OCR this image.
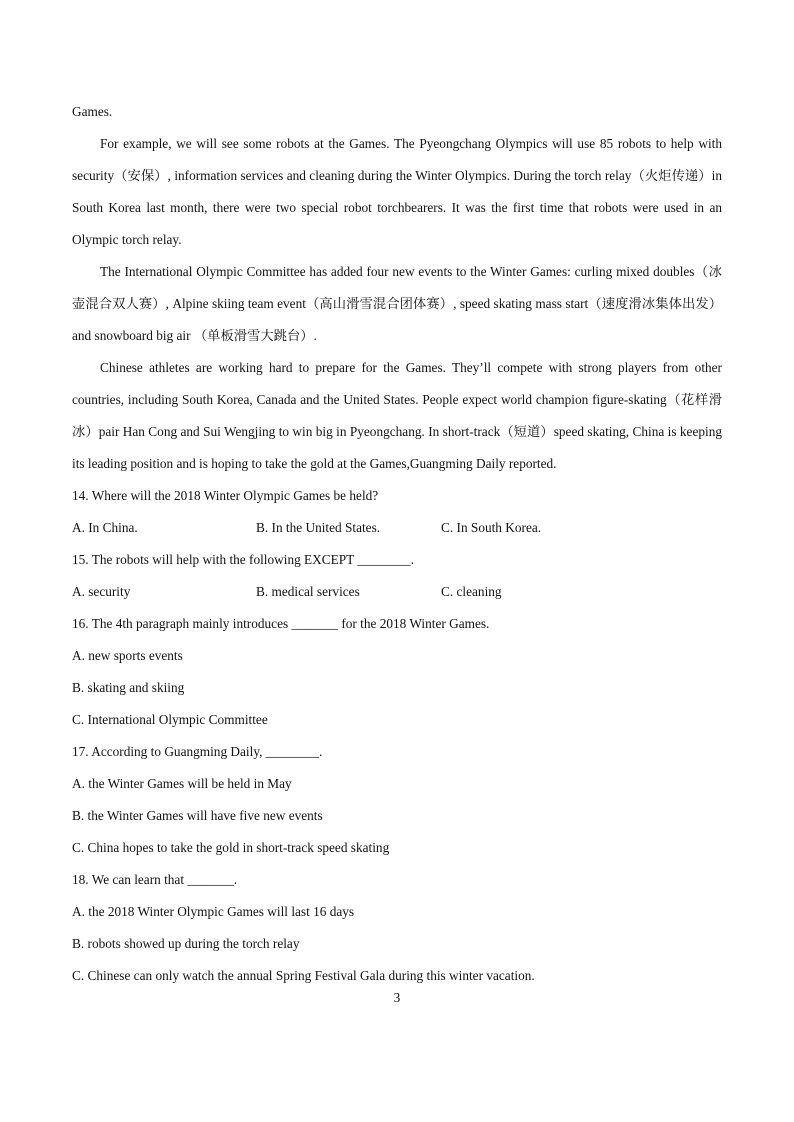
Games.

For example, we will see some robots at the Games. The Pyeongchang Olympics will use 85 robots to help with security（安保）, information services and cleaning during the Winter Olympics. During the torch relay（火炬传递）in South Korea last month, there were two special robot torchbearers. It was the first time that robots were used in an Olympic torch relay.

The International Olympic Committee has added four new events to the Winter Games: curling mixed doubles（冰壶混合双人赛）, Alpine skiing team event（高山滑雪混合团体赛）, speed skating mass start（速度滑冰集体出发）and snowboard big air （单板滑雪大跳台）.

Chinese athletes are working hard to prepare for the Games. They’ll compete with strong players from other countries, including South Korea, Canada and the United States. People expect world champion figure-skating（花样滑冰）pair Han Cong and Sui Wengjing to win big in Pyeongchang. In short-track（短道）speed skating, China is keeping its leading position and is hoping to take the gold at the Games,Guangming Daily reported.

14. Where will the 2018 Winter Olympic Games be held?

A. In China.	B. In the United States.	C. In South Korea.

15. The robots will help with the following EXCEPT ________.

A. security	B. medical services	C. cleaning

16. The 4th paragraph mainly introduces _______ for the 2018 Winter Games.

A. new sports events

B. skating and skiing

C. International Olympic Committee

17. According to Guangming Daily, ________.

A. the Winter Games will be held in May

B. the Winter Games will have five new events

C. China hopes to take the gold in short-track speed skating

18. We can learn that _______.

A. the 2018 Winter Olympic Games will last 16 days

B. robots showed up during the torch relay

C. Chinese can only watch the annual Spring Festival Gala during this winter vacation.

3
